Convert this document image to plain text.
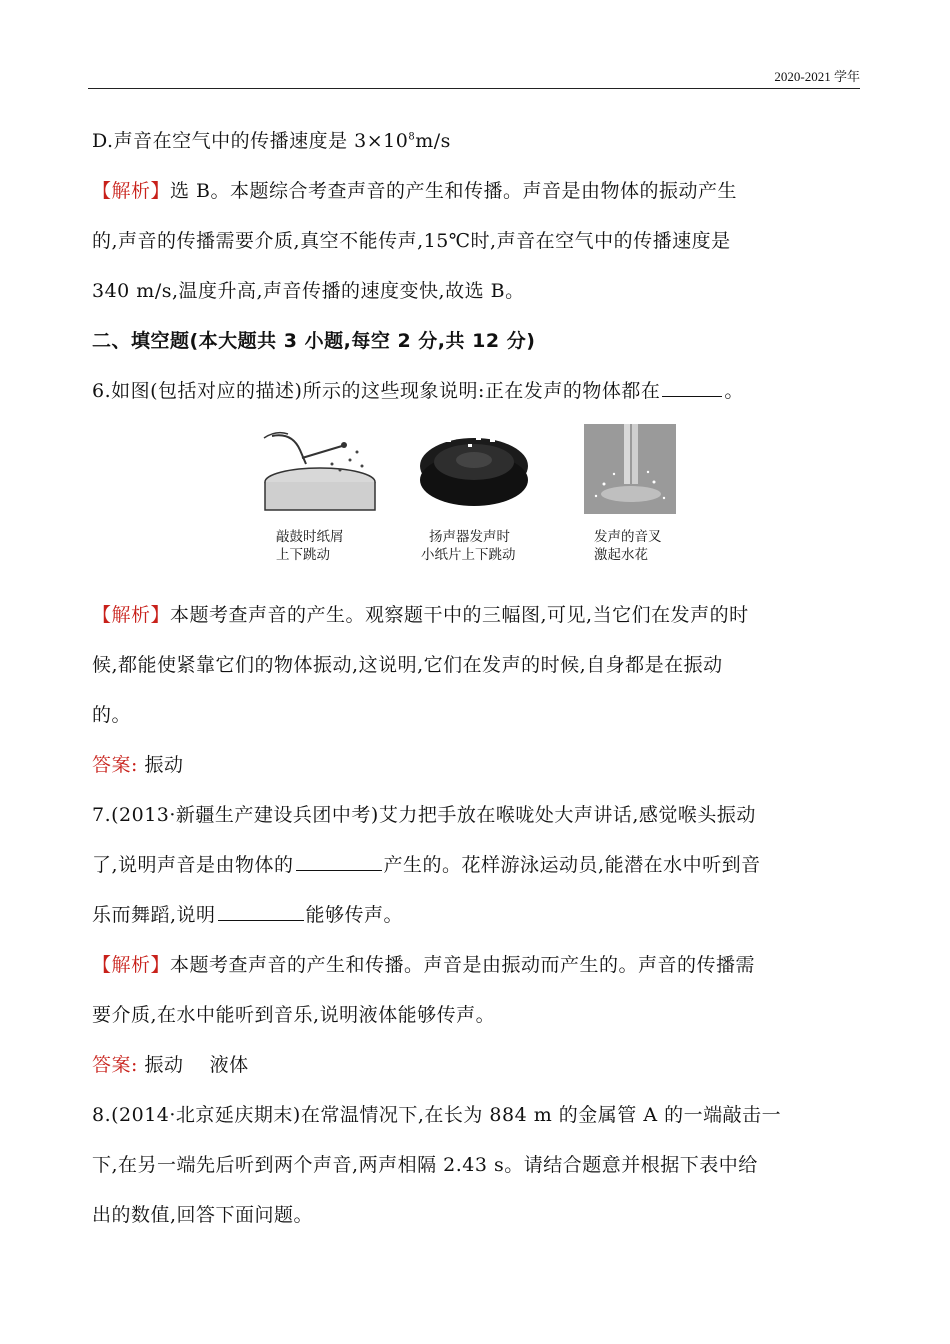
2020-2021 学年
D.声音在空气中的传播速度是 $3\times 10^8m/s$
【解析】选 B。本题综合考查声音的产生和传播。声音是由物体的振动产生
的,声音的传播需要介质,真空不能传声,15℃时,声音在空气中的传播速度是
340 m/s,温度升高,声音传播的速度变快,故选 B。
二、填空题(本大题共 3 小题,每空 2 分,共 12 分)
6.如图(包括对应的描述)所示的这些现象说明:正在发声的物体都在	。
敲鼓时纸屑
上下跳动
扬声器发声时
小纸片上下跳动
发声的音叉
激起水花
【解析】本题考查声音的产生。观察题干中的三幅图,可见,当它们在发声的时
候,都能使紧靠它们的物体振动,这说明,它们在发声的时候,自身都是在振动
的。
答案: 振动
7.(2013·新疆生产建设兵团中考)艾力把手放在喉咙处大声讲话,感觉喉头振动
了,说明声音是由物体的	产生的。花样游泳运动员,能潜在水中听到音
乐而舞蹈,说明	能够传声。
【解析】本题考查声音的产生和传播。声音是由振动而产生的。声音的传播需
要介质,在水中能听到音乐,说明液体能够传声。
答案: 振动    液体
8.(2014·北京延庆期末)在常温情况下,在长为 884 m 的金属管 A 的一端敲击一
下,在另一端先后听到两个声音,两声相隔 2.43 s。请结合题意并根据下表中给
出的数值,回答下面问题。
